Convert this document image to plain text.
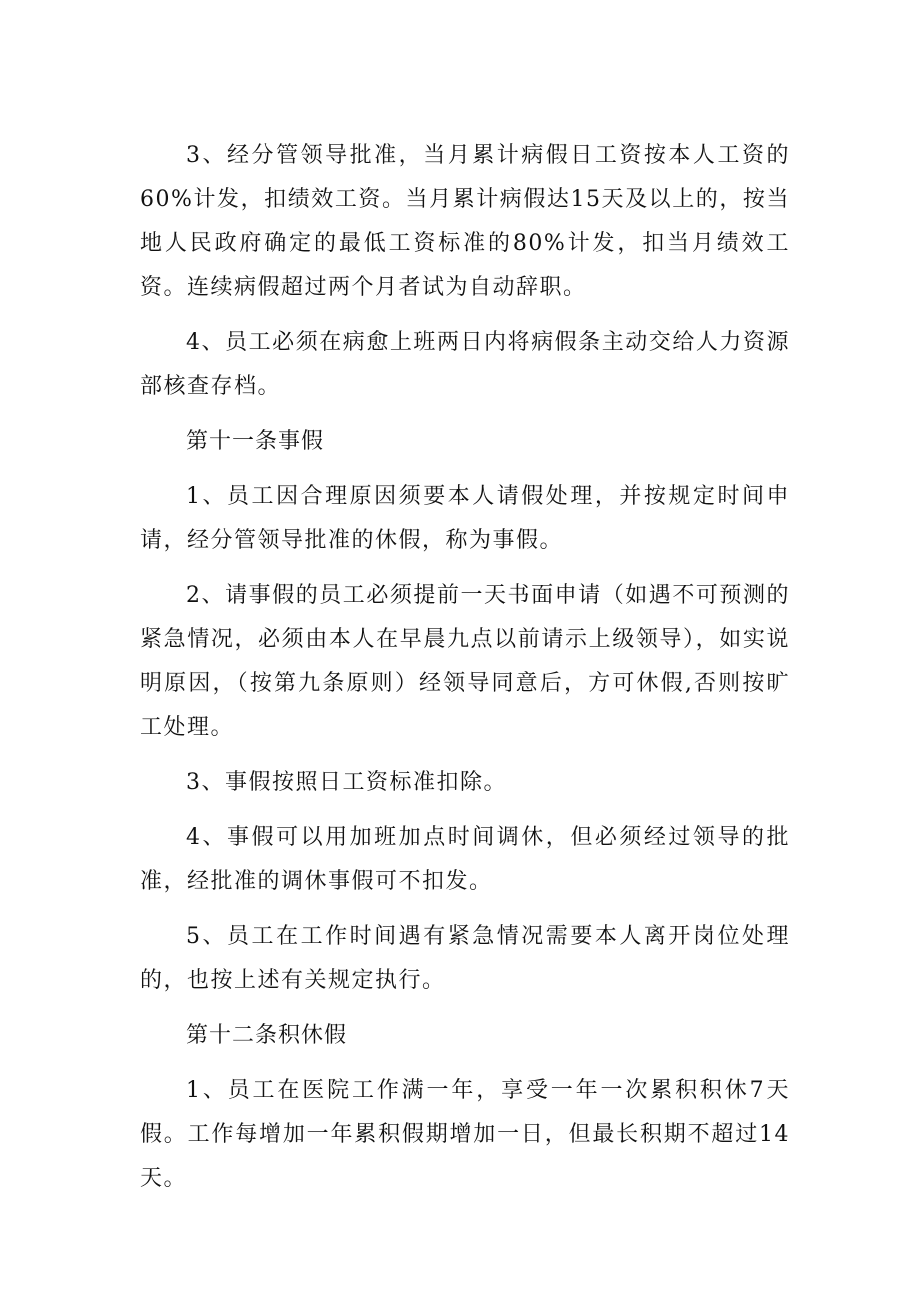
3、经分管领导批准，当月累计病假日工资按本人工资的60%计发，扣绩效工资。当月累计病假达15天及以上的，按当地人民政府确定的最低工资标准的80%计发，扣当月绩效工资。连续病假超过两个月者试为自动辞职。

4、员工必须在病愈上班两日内将病假条主动交给人力资源部核查存档。

第十一条事假

1、员工因合理原因须要本人请假处理，并按规定时间申请，经分管领导批准的休假，称为事假。

2、请事假的员工必须提前一天书面申请（如遇不可预测的紧急情况，必须由本人在早晨九点以前请示上级领导），如实说明原因，（按第九条原则）经领导同意后，方可休假,否则按旷工处理。

3、事假按照日工资标准扣除。

4、事假可以用加班加点时间调休，但必须经过领导的批准，经批准的调休事假可不扣发。

5、员工在工作时间遇有紧急情况需要本人离开岗位处理的，也按上述有关规定执行。

第十二条积休假

1、员工在医院工作满一年，享受一年一次累积积休7天假。工作每增加一年累积假期增加一日，但最长积期不超过14天。
